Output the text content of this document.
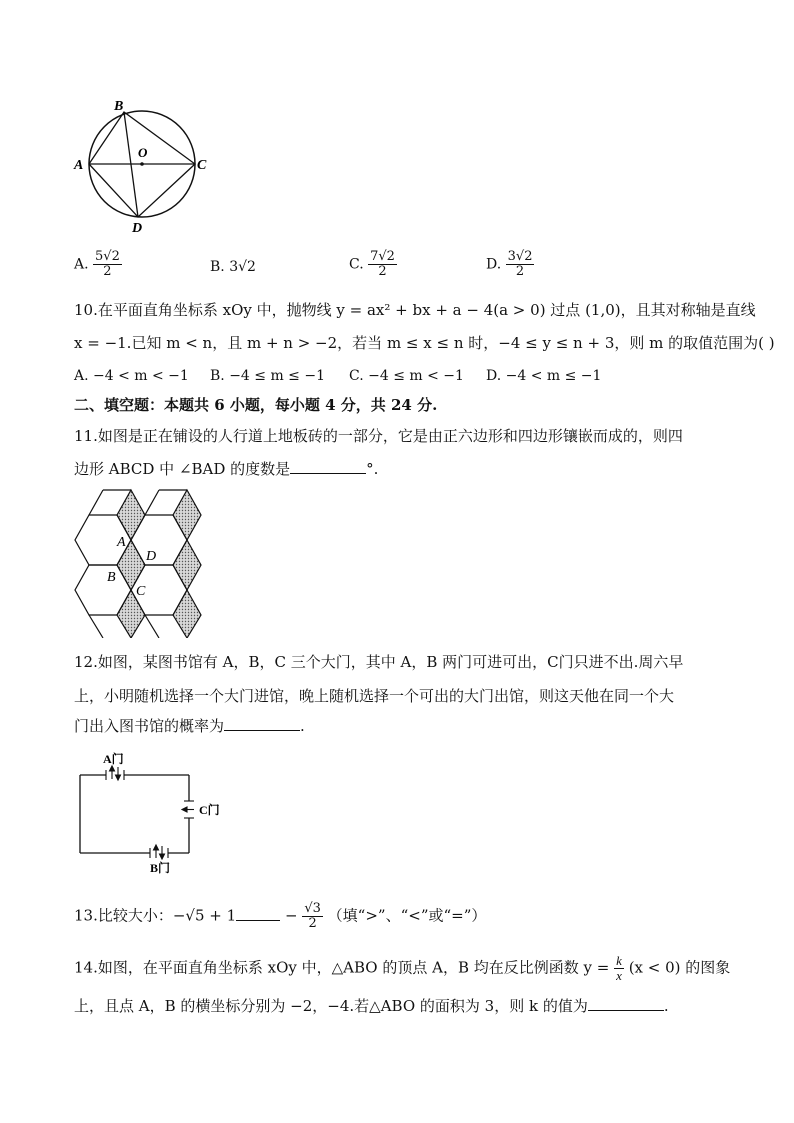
B
A
O
C
D
A. $\frac{5√2}{2}$	B. 3√2	C. $\frac{7√2}{2}$	D. $\frac{3√2}{2}$
10.在平面直角坐标系 xOy 中，抛物线 y = ax² + bx + a − 4(a > 0) 过点 (1,0)，且其对称轴是直线
x = −1.已知 m < n，且 m + n > −2，若当 m ≤ x ≤ n 时，−4 ≤ y ≤ n + 3，则 m 的取值范围为( )
A. −4 < m < −1 B. −4 ≤ m ≤ −1 C. −4 ≤ m < −1 D. −4 < m ≤ −1
二、填空题：本题共 6 小题，每小题 4 分，共 24 分.
11.如图是正在铺设的人行道上地板砖的一部分，它是由正六边形和四边形镶嵌而成的，则四
边形 ABCD 中 ∠BAD 的度数是	°.
A
D
B
C
12.如图，某图书馆有 A，B，C 三个大门，其中 A，B 两门可进可出，C门只进不出.周六早
上，小明随机选择一个大门进馆，晚上随机选择一个可出的大门出馆，则这天他在同一个大
门出入图书馆的概率为	.
A门
B门
C门
13.比较大小：−√5 + 1	− $\frac{√3}{2}$ （填“>”、“<”或“=”）
14.如图，在平面直角坐标系 xOy 中，△ABO 的顶点 A，B 均在反比例函数 $y = \frac{k}{x} (x < 0)$ 的图象
上，且点 A，B 的横坐标分别为 −2，−4.若△ABO 的面积为 3，则 k 的值为	.
